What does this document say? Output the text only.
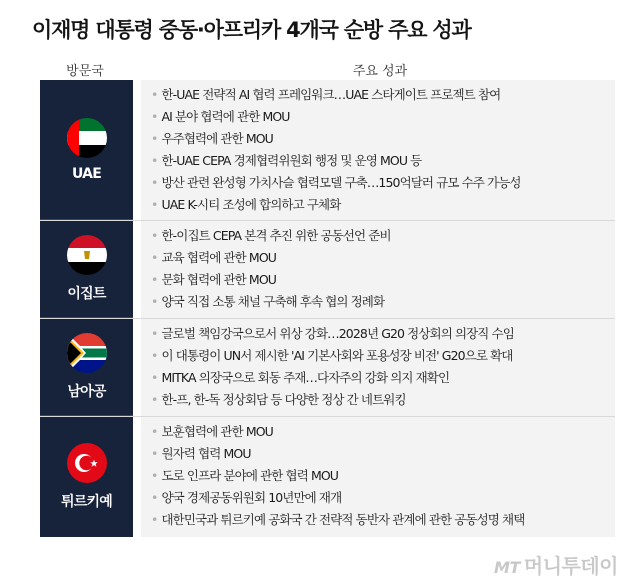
이재명 대통령 중동·아프리카 4개국 순방 주요 성과
방문국	주요 성과
UAE
• 한-UAE 전략적 AI 협력 프레임워크…UAE 스타게이트 프로젝트 참여
• AI 분야 협력에 관한 MOU
• 우주협력에 관한 MOU
• 한-UAE CEPA 경제협력위원회 행정 및 운영 MOU 등
• 방산 관련 완성형 가치사슬 협력모델 구축…150억달러 규모 수주 가능성
• UAE K-시티 조성에 합의하고 구체화
이집트
• 한-이집트 CEPA 본격 추진 위한 공동선언 준비
• 교육 협력에 관한 MOU
• 문화 협력에 관한 MOU
• 양국 직접 소통 채널 구축해 후속 협의 정례화
남아공
• 글로벌 책임강국으로서 위상 강화…2028년 G20 정상회의 의장직 수임
• 이 대통령이 UN서 제시한 'AI 기본사회와 포용성장 비전' G20으로 확대
• MITKA 의장국으로 회동 주재…다자주의 강화 의지 재확인
• 한-프, 한-독 정상회담 등 다양한 정상 간 네트워킹
튀르키예
• 보훈협력에 관한 MOU
• 원자력 협력 MOU
• 도로 인프라 분야에 관한 협력 MOU
• 양국 경제공동위원회 10년만에 재개
• 대한민국과 튀르키예 공화국 간 전략적 동반자 관계에 관한 공동성명 채택
MT 머니투데이
